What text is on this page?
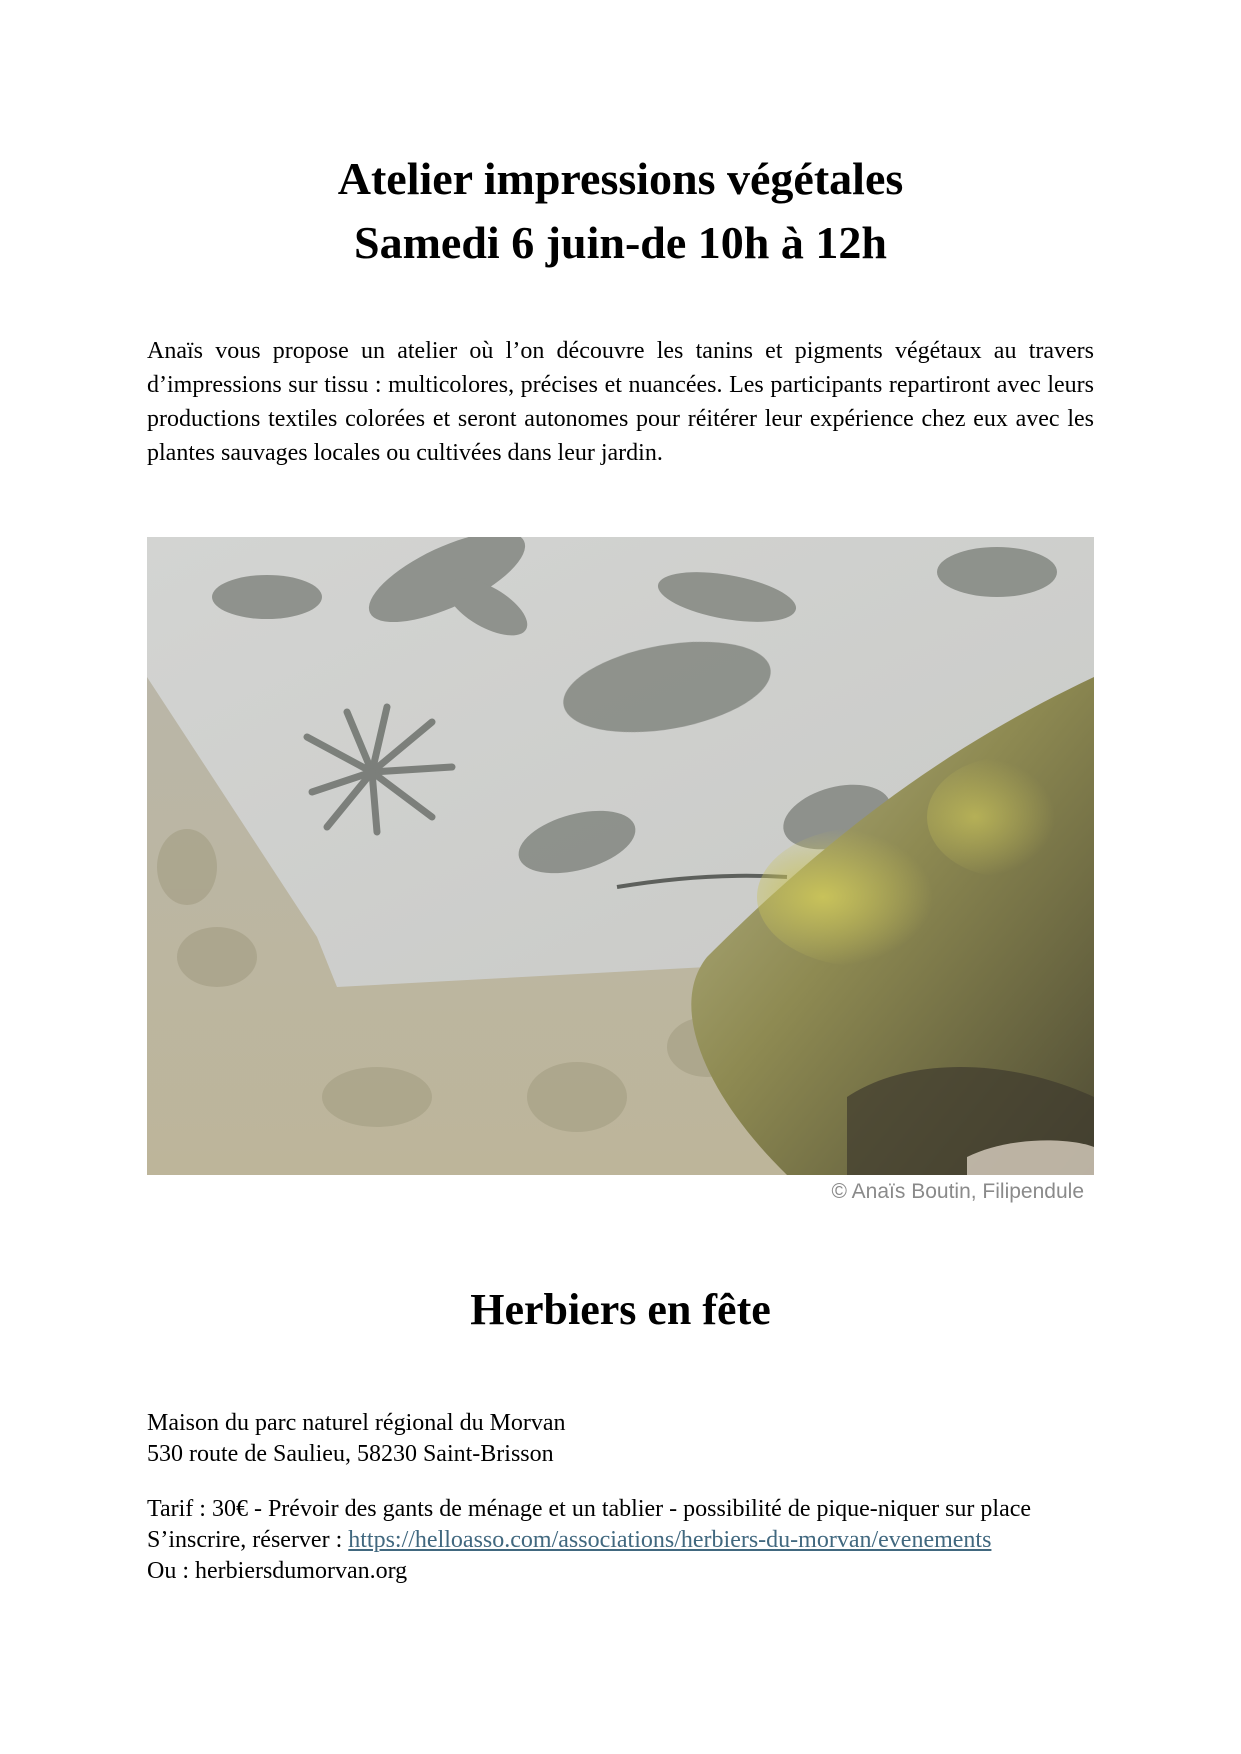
Atelier impressions végétales

Samedi 6 juin-de 10h à 12h

Anaïs vous propose un atelier où l’on découvre les tanins et pigments végétaux au travers d’impressions sur tissu : multicolores, précises et nuancées. Les participants repartiront avec leurs productions textiles colorées et seront autonomes pour réitérer leur expérience chez eux avec les plantes sauvages locales ou cultivées dans leur jardin.

© Anaïs Boutin, Filipendule

Herbiers en fête
Maison du parc naturel régional du Morvan
530 route de Saulieu, 58230 Saint-Brisson
Tarif : 30€ - Prévoir des gants de ménage et un tablier - possibilité de pique-niquer sur place
S’inscrire, réserver : https://helloasso.com/associations/herbiers-du-morvan/evenements
Ou : herbiersdumorvan.org
